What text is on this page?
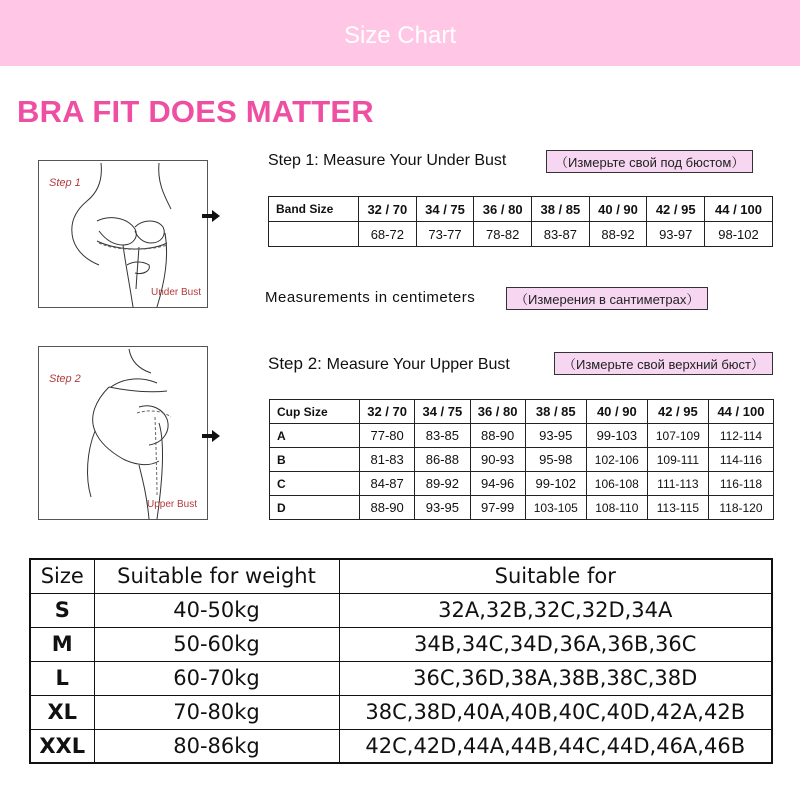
Size Chart
BRA FIT DOES MATTER
Step 1
Under Bust
Step 1: Measure Your Under Bust	（Измерьте свой под бюстом）
Band Size	32 / 70	34 / 75	36 / 80	38 / 85	40 / 90	42 / 95	44 / 100
	68-72	73-77	78-82	83-87	88-92	93-97	98-102
Measurements in centimeters	（Измерения в сантиметрах）
Step 2
Upper Bust
Step 2: Measure Your Upper Bust	（Измерьте свой верхний бюст）
Cup Size	32 / 70	34 / 75	36 / 80	38 / 85	40 / 90	42 / 95	44 / 100
A	77-80	83-85	88-90	93-95	99-103	107-109	112-114
B	81-83	86-88	90-93	95-98	102-106	109-111	114-116
C	84-87	89-92	94-96	99-102	106-108	111-113	116-118
D	88-90	93-95	97-99	103-105	108-110	113-115	118-120
Size	Suitable for weight	Suitable for
S	40-50kg	32A,32B,32C,32D,34A
M	50-60kg	34B,34C,34D,36A,36B,36C
L	60-70kg	36C,36D,38A,38B,38C,38D
XL	70-80kg	38C,38D,40A,40B,40C,40D,42A,42B
XXL	80-86kg	42C,42D,44A,44B,44C,44D,46A,46B
